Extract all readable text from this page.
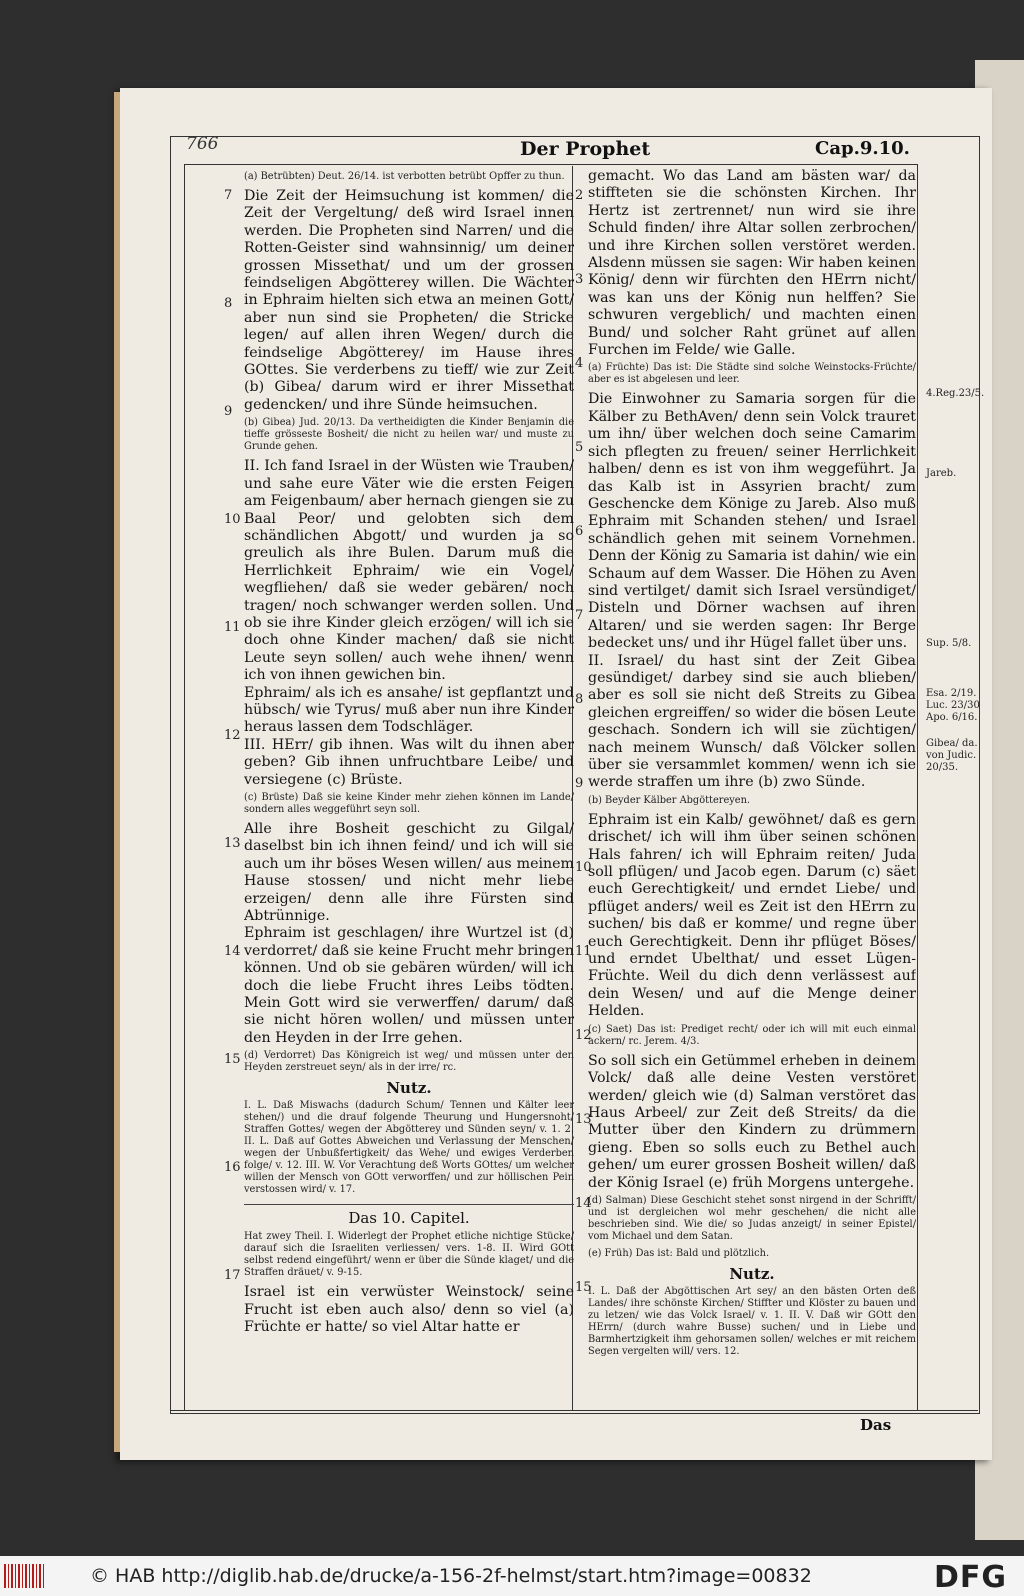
766	Der Prophet	Cap.9.10.
7
8
9
10
11
12
13
14
15
16
17

(a) Betrübten) Deut. 26/14. ist verbotten betrübt Opffer zu thun.

Die Zeit der Heimsuchung ist kommen/ die Zeit der Vergeltung/ deß wird Israel innen werden. Die Propheten sind Narren/ und die Rotten-Geister sind wahnsinnig/ um deiner grossen Missethat/ und um der grossen feindseligen Abgötterey willen. Die Wächter in Ephraim hielten sich etwa an meinen Gott/ aber nun sind sie Propheten/ die Stricke legen/ auf allen ihren Wegen/ durch die feindselige Abgötterey/ im Hause ihres GOttes. Sie verderbens zu tieff/ wie zur Zeit (b) Gibea/ darum wird er ihrer Missethat gedencken/ und ihre Sünde heimsuchen.

(b) Gibea) Jud. 20/13. Da vertheidigten die Kinder Benjamin die tieffe grösseste Bosheit/ die nicht zu heilen war/ und muste zu Grunde gehen.

II. Ich fand Israel in der Wüsten wie Trauben/ und sahe eure Väter wie die ersten Feigen am Feigenbaum/ aber hernach giengen sie zu Baal Peor/ und gelobten sich dem schändlichen Abgott/ und wurden ja so greulich als ihre Bulen. Darum muß die Herrlichkeit Ephraim/ wie ein Vogel/ wegfliehen/ daß sie weder gebären/ noch tragen/ noch schwanger werden sollen. Und ob sie ihre Kinder gleich erzögen/ will ich sie doch ohne Kinder machen/ daß sie nicht Leute seyn sollen/ auch wehe ihnen/ wenn ich von ihnen gewichen bin.

Ephraim/ als ich es ansahe/ ist gepflantzt und hübsch/ wie Tyrus/ muß aber nun ihre Kinder heraus lassen dem Todschläger.

III. HErr/ gib ihnen. Was wilt du ihnen aber geben? Gib ihnen unfruchtbare Leibe/ und versiegene (c) Brüste.

(c) Brüste) Daß sie keine Kinder mehr ziehen können im Lande/ sondern alles weggeführt seyn soll.

Alle ihre Bosheit geschicht zu Gilgal/ daselbst bin ich ihnen feind/ und ich will sie auch um ihr böses Wesen willen/ aus meinem Hause stossen/ und nicht mehr liebe erzeigen/ denn alle ihre Fürsten sind Abtrünnige.

Ephraim ist geschlagen/ ihre Wurtzel ist (d) verdorret/ daß sie keine Frucht mehr bringen können. Und ob sie gebären würden/ will ich doch die liebe Frucht ihres Leibs tödten. Mein Gott wird sie verwerffen/ darum/ daß sie nicht hören wollen/ und müssen unter den Heyden in der Irre gehen.

(d) Verdorret) Das Königreich ist weg/ und müssen unter den Heyden zerstreuet seyn/ als in der irre/ rc.

Nutz.

I. L. Daß Miswachs (dadurch Schum/ Tennen und Kälter leer stehen/) und die drauf folgende Theurung und Hungersnoht/ Straffen Gottes/ wegen der Abgötterey und Sünden seyn/ v. 1. 2. II. L. Daß auf Gottes Abweichen und Verlassung der Menschen/ wegen der Unbußfertigkeit/ das Wehe/ und ewiges Verderben folge/ v. 12. III. W. Vor Verachtung deß Worts GOttes/ um welcher willen der Mensch von GOtt verworffen/ und zur höllischen Pein verstossen wird/ v. 17.

Das 10. Capitel.

Hat zwey Theil. I. Widerlegt der Prophet etliche nichtige Stücke/ darauf sich die Israeliten verliessen/ vers. 1-8. II. Wird GOtt selbst redend eingeführt/ wenn er über die Sünde klaget/ und die Straffen dräuet/ v. 9-15.

Israel ist ein verwüster Weinstock/ seine Frucht ist eben auch also/ denn so viel (a) Früchte er hatte/ so viel Altar hatte er

2
3
4
5
6
7
8
9
10
11
12
13
14
15

gemacht. Wo das Land am bästen war/ da stiffteten sie die schönsten Kirchen. Ihr Hertz ist zertrennet/ nun wird sie ihre Schuld finden/ ihre Altar sollen zerbrochen/ und ihre Kirchen sollen verstöret werden. Alsdenn müssen sie sagen: Wir haben keinen König/ denn wir fürchten den HErrn nicht/ was kan uns der König nun helffen? Sie schwuren vergeblich/ und machten einen Bund/ und solcher Raht grünet auf allen Furchen im Felde/ wie Galle.

(a) Früchte) Das ist: Die Städte sind solche Weinstocks-Früchte/ aber es ist abgelesen und leer.

Die Einwohner zu Samaria sorgen für die Kälber zu BethAven/ denn sein Volck trauret um ihn/ über welchen doch seine Camarim sich pflegten zu freuen/ seiner Herrlichkeit halben/ denn es ist von ihm weggeführt. Ja das Kalb ist in Assyrien bracht/ zum Geschencke dem Könige zu Jareb. Also muß Ephraim mit Schanden stehen/ und Israel schändlich gehen mit seinem Vornehmen. Denn der König zu Samaria ist dahin/ wie ein Schaum auf dem Wasser. Die Höhen zu Aven sind vertilget/ damit sich Israel versündiget/ Disteln und Dörner wachsen auf ihren Altaren/ und sie werden sagen: Ihr Berge bedecket uns/ und ihr Hügel fallet über uns.

II. Israel/ du hast sint der Zeit Gibea gesündiget/ darbey sind sie auch blieben/ aber es soll sie nicht deß Streits zu Gibea gleichen ergreiffen/ so wider die bösen Leute geschach. Sondern ich will sie züchtigen/ nach meinem Wunsch/ daß Völcker sollen über sie versammlet kommen/ wenn ich sie werde straffen um ihre (b) zwo Sünde.

(b) Beyder Kälber Abgöttereyen.

Ephraim ist ein Kalb/ gewöhnet/ daß es gern drischet/ ich will ihm über seinen schönen Hals fahren/ ich will Ephraim reiten/ Juda soll pflügen/ und Jacob egen. Darum (c) säet euch Gerechtigkeit/ und erndet Liebe/ und pflüget anders/ weil es Zeit ist den HErrn zu suchen/ bis daß er komme/ und regne über euch Gerechtigkeit. Denn ihr pflüget Böses/ und erndet Ubelthat/ und esset Lügen-Früchte. Weil du dich denn verlässest auf dein Wesen/ und auf die Menge deiner Helden.

(c) Saet) Das ist: Prediget recht/ oder ich will mit euch einmal ackern/ rc. Jerem. 4/3.

So soll sich ein Getümmel erheben in deinem Volck/ daß alle deine Vesten verstöret werden/ gleich wie (d) Salman verstöret das Haus Arbeel/ zur Zeit deß Streits/ da die Mutter über den Kindern zu drümmern gieng. Eben so solls euch zu Bethel auch gehen/ um eurer grossen Bosheit willen/ daß der König Israel (e) früh Morgens untergehe.

(d) Salman) Diese Geschicht stehet sonst nirgend in der Schrifft/ und ist dergleichen wol mehr geschehen/ die nicht alle beschrieben sind. Wie die/ so Judas anzeigt/ in seiner Epistel/ vom Michael und dem Satan.

(e) Früh) Das ist: Bald und plötzlich.

Nutz.

I. L. Daß der Abgöttischen Art sey/ an den bästen Orten deß Landes/ ihre schönste Kirchen/ Stiffter und Klöster zu bauen und zu letzen/ wie das Volck Israel/ v. 1. II. V. Daß wir GOtt den HErrn/ (durch wahre Busse) suchen/ und in Liebe und Barmhertzigkeit ihm gehorsamen sollen/ welches er mit reichem Segen vergelten will/ vers. 12.

4.Reg.23/5.
Jareb.
Sup. 5/8.
Esa. 2/19. Luc. 23/30 Apo. 6/16.
Gibea/ da. von Judic. 20/35.
Das
© HAB http://diglib.hab.de/drucke/a-156-2f-helmst/start.htm?image=00832	DFG
